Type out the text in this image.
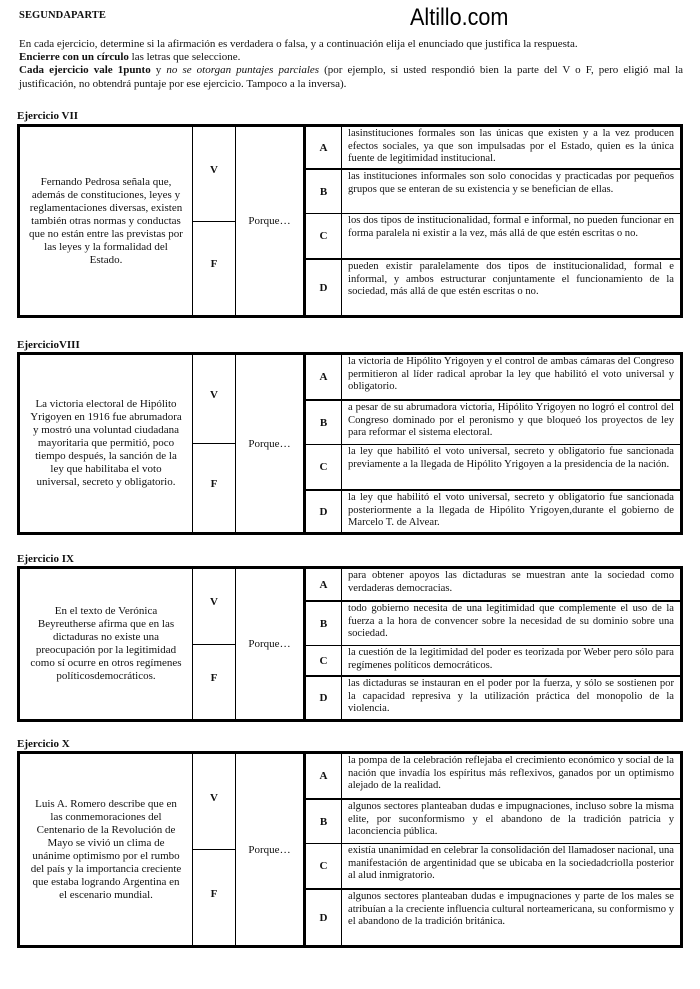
SEGUNDAPARTE	Altillo.com

En cada ejercicio, determine si la afirmación es verdadera o falsa, y a continuación elija el enunciado que justifica la respuesta.

Encierre con un círculo las letras que seleccione.

Cada ejercicio vale 1punto y no se otorgan puntajes parciales (por ejemplo, si usted respondió bien la parte del V o F, pero eligió mal la justificación, no obtendrá puntaje por ese ejercicio. Tampoco a la inversa).

Ejercicio VII
Fernando Pedrosa señala que, además de constituciones, leyes y reglamentaciones diversas, existen también otras normas y conductas que no están entre las previstas por las leyes y la formalidad del Estado.
V
F
Porque…
A
lasinstituciones formales son las únicas que existen y a la vez producen efectos sociales, ya que son impulsadas por el Estado, quien es la única fuente de legitimidad institucional.
B
las instituciones informales son solo conocidas y practicadas por pequeños grupos que se enteran de su existencia y se benefician de ellas.
C
los dos tipos de institucionalidad, formal e informal, no pueden funcionar en forma paralela ni existir a la vez, más allá de que estén escritas o no.
D
pueden existir paralelamente dos tipos de institucionalidad, formal e informal, y ambos estructurar conjuntamente el funcionamiento de la sociedad, más allá de que estén escritas o no.
EjercicioVIII
La victoria electoral de Hipólito Yrigoyen en 1916 fue abrumadora y mostró una voluntad ciudadana mayoritaria que permitió, poco tiempo después, la sanción de la ley que habilitaba el voto universal, secreto y obligatorio.
V
F
Porque…
A
la victoria de Hipólito Yrigoyen y el control de ambas cámaras del Congreso permitieron al líder radical aprobar la ley que habilitó el voto universal y obligatorio.
B
a pesar de su abrumadora victoria, Hipólito Yrigoyen no logró el control del Congreso dominado por el peronismo y que bloqueó los proyectos de ley para reformar el sistema electoral.
C
la ley que habilitó el voto universal, secreto y obligatorio fue sancionada previamente a la llegada de Hipólito Yrigoyen a la presidencia de la nación.
D
la ley que habilitó el voto universal, secreto y obligatorio fue sancionada posteriormente a la llegada de Hipólito Yrigoyen,durante el gobierno de Marcelo T. de Alvear.
Ejercicio IX
En el texto de Verónica Beyreutherse afirma que en las dictaduras no existe una preocupación por la legitimidad como sí ocurre en otros regímenes políticosdemocráticos.
V
F
Porque…
A
para obtener apoyos las dictaduras se muestran ante la sociedad como verdaderas democracias.
B
todo gobierno necesita de una legitimidad que complemente el uso de la fuerza a la hora de convencer sobre la necesidad de su dominio sobre una sociedad.
C
la cuestión de la legitimidad del poder es teorizada por Weber pero sólo para regímenes políticos democráticos.
D
las dictaduras se instauran en el poder por la fuerza, y sólo se sostienen por la capacidad represiva y la utilización práctica del monopolio de la violencia.
Ejercicio X
Luis A. Romero describe que en las conmemoraciones del Centenario de la Revolución de Mayo se vivió un clima de unánime optimismo por el rumbo del país y la importancia creciente que estaba logrando Argentina en el escenario mundial.
V
F
Porque…
A
la pompa de la celebración reflejaba el crecimiento económico y social de la nación que invadía los espíritus más reflexivos, ganados por un optimismo alejado de la realidad.
B
algunos sectores planteaban dudas e impugnaciones, incluso sobre la misma elite, por suconformismo y el abandono de la tradición patricia y laconciencia pública.
C
existía unanimidad en celebrar la consolidación del llamadoser nacional, una manifestación de argentinidad que se ubicaba en la sociedadcriolla posterior al alud inmigratorio.
D
algunos sectores planteaban dudas e impugnaciones y parte de los males se atribuían a la creciente influencia cultural norteamericana, su conformismo y el abandono de la tradición británica.
